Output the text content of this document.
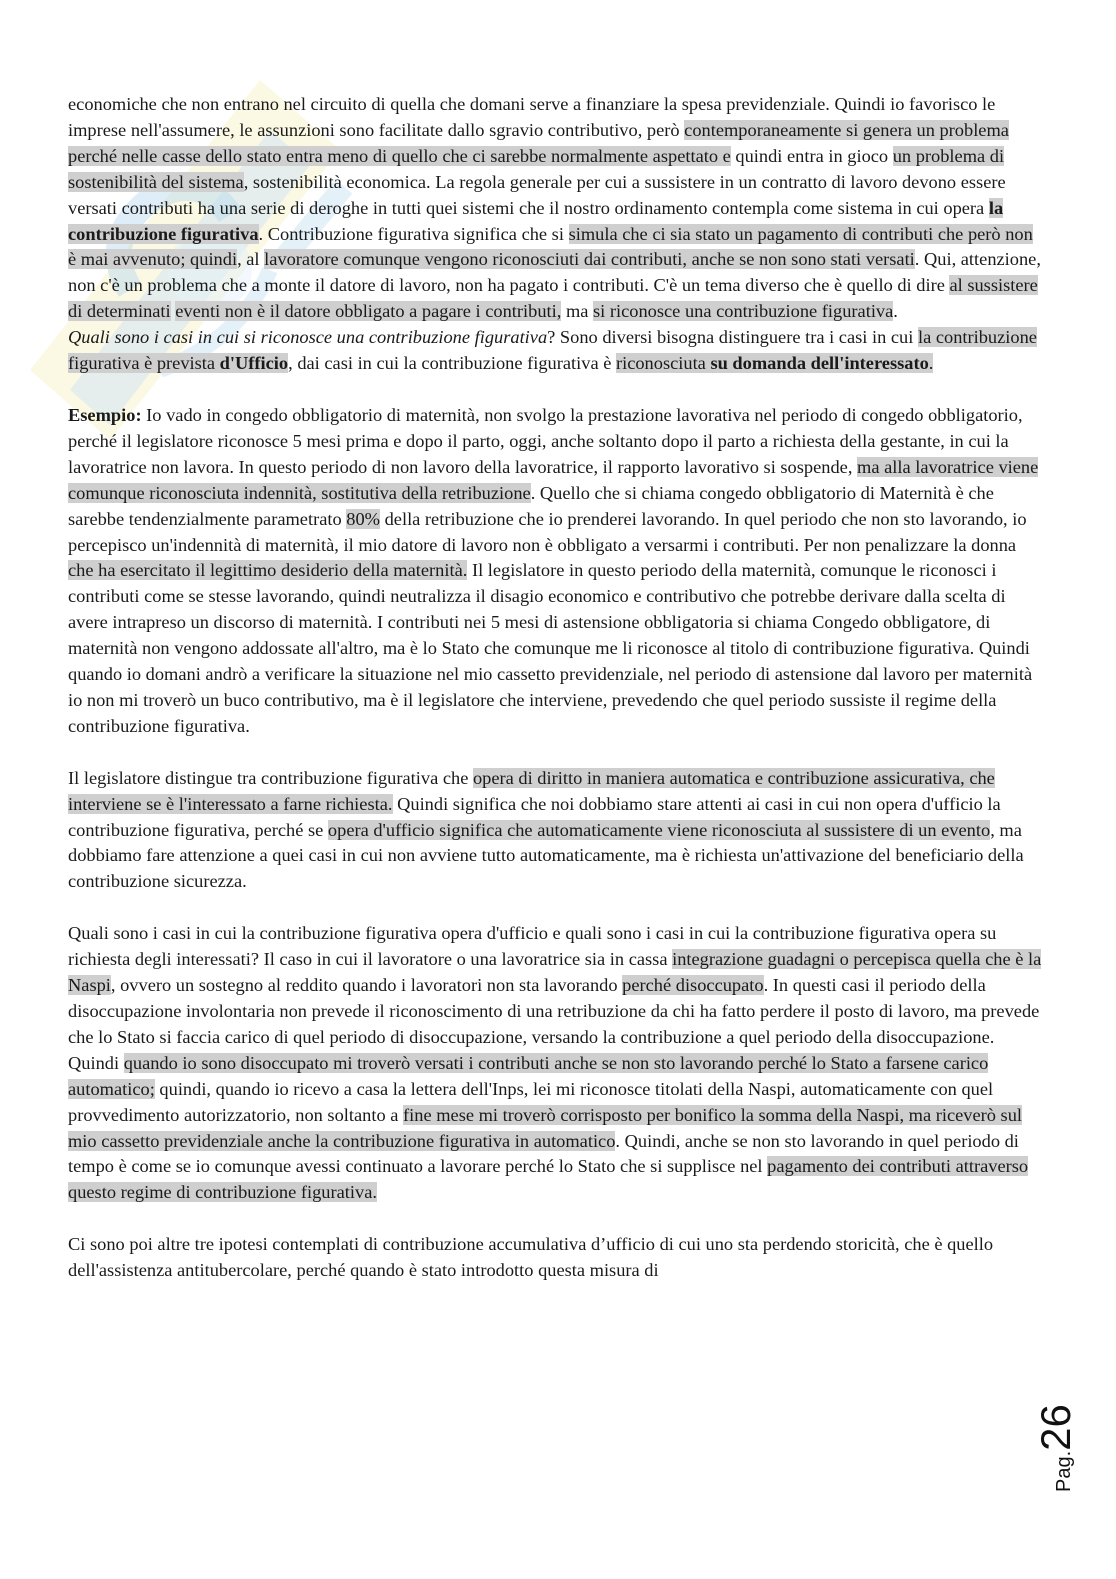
economiche che non entrano nel circuito di quella che domani serve a finanziare la spesa previdenziale. Quindi io favorisco le imprese nell'assumere, le assunzioni sono facilitate dallo sgravio contributivo, però contemporaneamente si genera un problema perché nelle casse dello stato entra meno di quello che ci sarebbe normalmente aspettato e quindi entra in gioco un problema di sostenibilità del sistema, sostenibilità economica. La regola generale per cui a sussistere in un contratto di lavoro devono essere versati contributi ha una serie di deroghe in tutti quei sistemi che il nostro ordinamento contempla come sistema in cui opera la contribuzione figurativa. Contribuzione figurativa significa che si simula che ci sia stato un pagamento di contributi che però non è mai avvenuto; quindi, al lavoratore comunque vengono riconosciuti dai contributi, anche se non sono stati versati. Qui, attenzione, non c'è un problema che a monte il datore di lavoro, non ha pagato i contributi. C'è un tema diverso che è quello di dire al sussistere di determinati eventi non è il datore obbligato a pagare i contributi, ma si riconosce una contribuzione figurativa.
Quali sono i casi in cui si riconosce una contribuzione figurativa? Sono diversi bisogna distinguere tra i casi in cui la contribuzione figurativa è prevista d'Ufficio, dai casi in cui la contribuzione figurativa è riconosciuta su domanda dell'interessato.

Esempio: Io vado in congedo obbligatorio di maternità, non svolgo la prestazione lavorativa nel periodo di congedo obbligatorio, perché il legislatore riconosce 5 mesi prima e dopo il parto, oggi, anche soltanto dopo il parto a richiesta della gestante, in cui la lavoratrice non lavora. In questo periodo di non lavoro della lavoratrice, il rapporto lavorativo si sospende, ma alla lavoratrice viene comunque riconosciuta indennità, sostitutiva della retribuzione. Quello che si chiama congedo obbligatorio di Maternità è che sarebbe tendenzialmente parametrato 80% della retribuzione che io prenderei lavorando. In quel periodo che non sto lavorando, io percepisco un'indennità di maternità, il mio datore di lavoro non è obbligato a versarmi i contributi. Per non penalizzare la donna che ha esercitato il legittimo desiderio della maternità. Il legislatore in questo periodo della maternità, comunque le riconosci i contributi come se stesse lavorando, quindi neutralizza il disagio economico e contributivo che potrebbe derivare dalla scelta di avere intrapreso un discorso di maternità. I contributi nei 5 mesi di astensione obbligatoria si chiama Congedo obbligatore, di maternità non vengono addossate all'altro, ma è lo Stato che comunque me li riconosce al titolo di contribuzione figurativa. Quindi quando io domani andrò a verificare la situazione nel mio cassetto previdenziale, nel periodo di astensione dal lavoro per maternità io non mi troverò un buco contributivo, ma è il legislatore che interviene, prevedendo che quel periodo sussiste il regime della contribuzione figurativa.

Il legislatore distingue tra contribuzione figurativa che opera di diritto in maniera automatica e contribuzione assicurativa, che interviene se è l'interessato a farne richiesta. Quindi significa che noi dobbiamo stare attenti ai casi in cui non opera d'ufficio la contribuzione figurativa, perché se opera d'ufficio significa che automaticamente viene riconosciuta al sussistere di un evento, ma dobbiamo fare attenzione a quei casi in cui non avviene tutto automaticamente, ma è richiesta un'attivazione del beneficiario della contribuzione sicurezza.

Quali sono i casi in cui la contribuzione figurativa opera d'ufficio e quali sono i casi in cui la contribuzione figurativa opera su richiesta degli interessati? Il caso in cui il lavoratore o una lavoratrice sia in cassa integrazione guadagni o percepisca quella che è la Naspi, ovvero un sostegno al reddito quando i lavoratori non sta lavorando perché disoccupato. In questi casi il periodo della disoccupazione involontaria non prevede il riconoscimento di una retribuzione da chi ha fatto perdere il posto di lavoro, ma prevede che lo Stato si faccia carico di quel periodo di disoccupazione, versando la contribuzione a quel periodo della disoccupazione. Quindi quando io sono disoccupato mi troverò versati i contributi anche se non sto lavorando perché lo Stato a farsene carico automatico; quindi, quando io ricevo a casa la lettera dell'Inps, lei mi riconosce titolati della Naspi, automaticamente con quel provvedimento autorizzatorio, non soltanto a fine mese mi troverò corrisposto per bonifico la somma della Naspi, ma riceverò sul mio cassetto previdenziale anche la contribuzione figurativa in automatico. Quindi, anche se non sto lavorando in quel periodo di tempo è come se io comunque avessi continuato a lavorare perché lo Stato che si supplisce nel pagamento dei contributi attraverso questo regime di contribuzione figurativa.

Ci sono poi altre tre ipotesi contemplati di contribuzione accumulativa d’ufficio di cui uno sta perdendo storicità, che è quello dell'assistenza antitubercolare, perché quando è stato introdotto questa misura di

Pag.26
